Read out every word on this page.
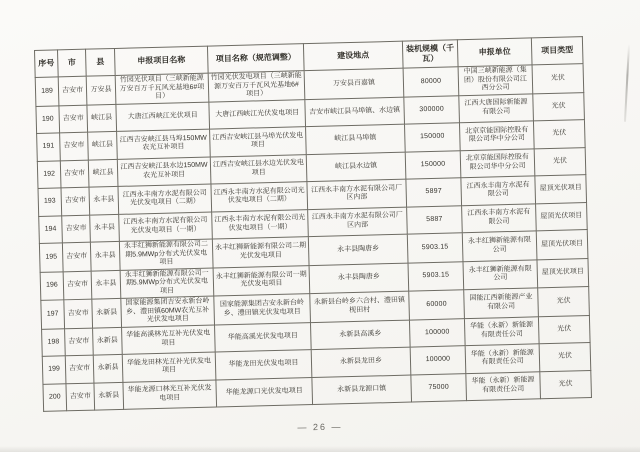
序号	市	县	申报项目名称	项目名称（规范调整）	建设地点	装机规模（千瓦）	申报单位	项目类型
189	吉安市	万安县	竹园光伏项目（三峡新能源万安百万千瓦风光基地6#项目）	竹园光伏发电项目（三峡新能源万安百万千瓦风光基地6#项目）	万安县百嘉镇	80000	中国三峡新能源（集团）股份有限公司江西分公司	光伏
190	吉安市	峡江县	大唐江西峡江光伏项目	大唐江西峡江光伏发电项目	吉安市峡江县马埠镇、水边镇	300000	江西大唐国际新能源有限公司	光伏
191	吉安市	峡江县	江西吉安峡江县马埠150MW农光互补项目	江西吉安峡江县马埠光伏发电项目	峡江县马埠镇	150000	北京京能国际控股有限公司华中分公司	光伏
192	吉安市	峡江县	江西吉安峡江县水边150MW农光互补项目	江西吉安峡江县水边光伏发电项目	峡江县水边镇	150000	北京京能国际控股有限公司华中分公司	光伏
193	吉安市	永丰县	江西永丰南方水泥有限公司光伏发电项目（二期）	江西永丰南方水泥有限公司光伏发电项目（二期）	江西永丰南方水泥有限公司厂区内部	5897	江西永丰南方水泥有限公司	屋顶光伏项目
194	吉安市	永丰县	江西永丰南方水泥有限公司光伏发电项目（一期）	江西永丰南方水泥有限公司光伏发电项目（一期）	江西永丰南方水泥有限公司厂区内部	5887	江西永丰南方水泥有限公司	屋顶光伏项目
195	吉安市	永丰县	永丰红狮新能源有限公司二期5.9MWp分布式光伏发电项目	永丰红狮新能源有限公司二期光伏发电项目	永丰县陶唐乡	5903.15	永丰红狮新能源有限公司	屋顶光伏项目
196	吉安市	永丰县	永丰红狮新能源有限公司一期5.9MWp分布式光伏发电项目	永丰红狮新能源有限公司一期光伏发电项目	永丰县陶唐乡	5903.15	永丰红狮新能源有限公司	屋顶光伏项目
197	吉安市	永新县	国家能源集团吉安永新台岭乡、澧田镇60MW农光互补光伏发电项目	国家能源集团吉安永新台岭乡、澧田镇光伏发电项目	永新县台岭乡六合村、澧田镇枧田村	60000	国能江西新能源产业有限公司	光伏
198	吉安市	永新县	华能高溪林光互补光伏发电项目	华能高溪光伏发电项目	永新县高溪乡	100000	华能（永新）新能源有限责任公司	光伏
199	吉安市	永新县	华能龙田林光互补光伏发电项目	华能龙田光伏发电项目	永新县龙田乡	100000	华能（永新）新能源有限责任公司	光伏
200	吉安市	永新县	华能龙源口林光互补光伏发电项目	华能龙源口光伏发电项目	永新县龙源口镇	75000	华能（永新）新能源有限责任公司	光伏
— 26 —
